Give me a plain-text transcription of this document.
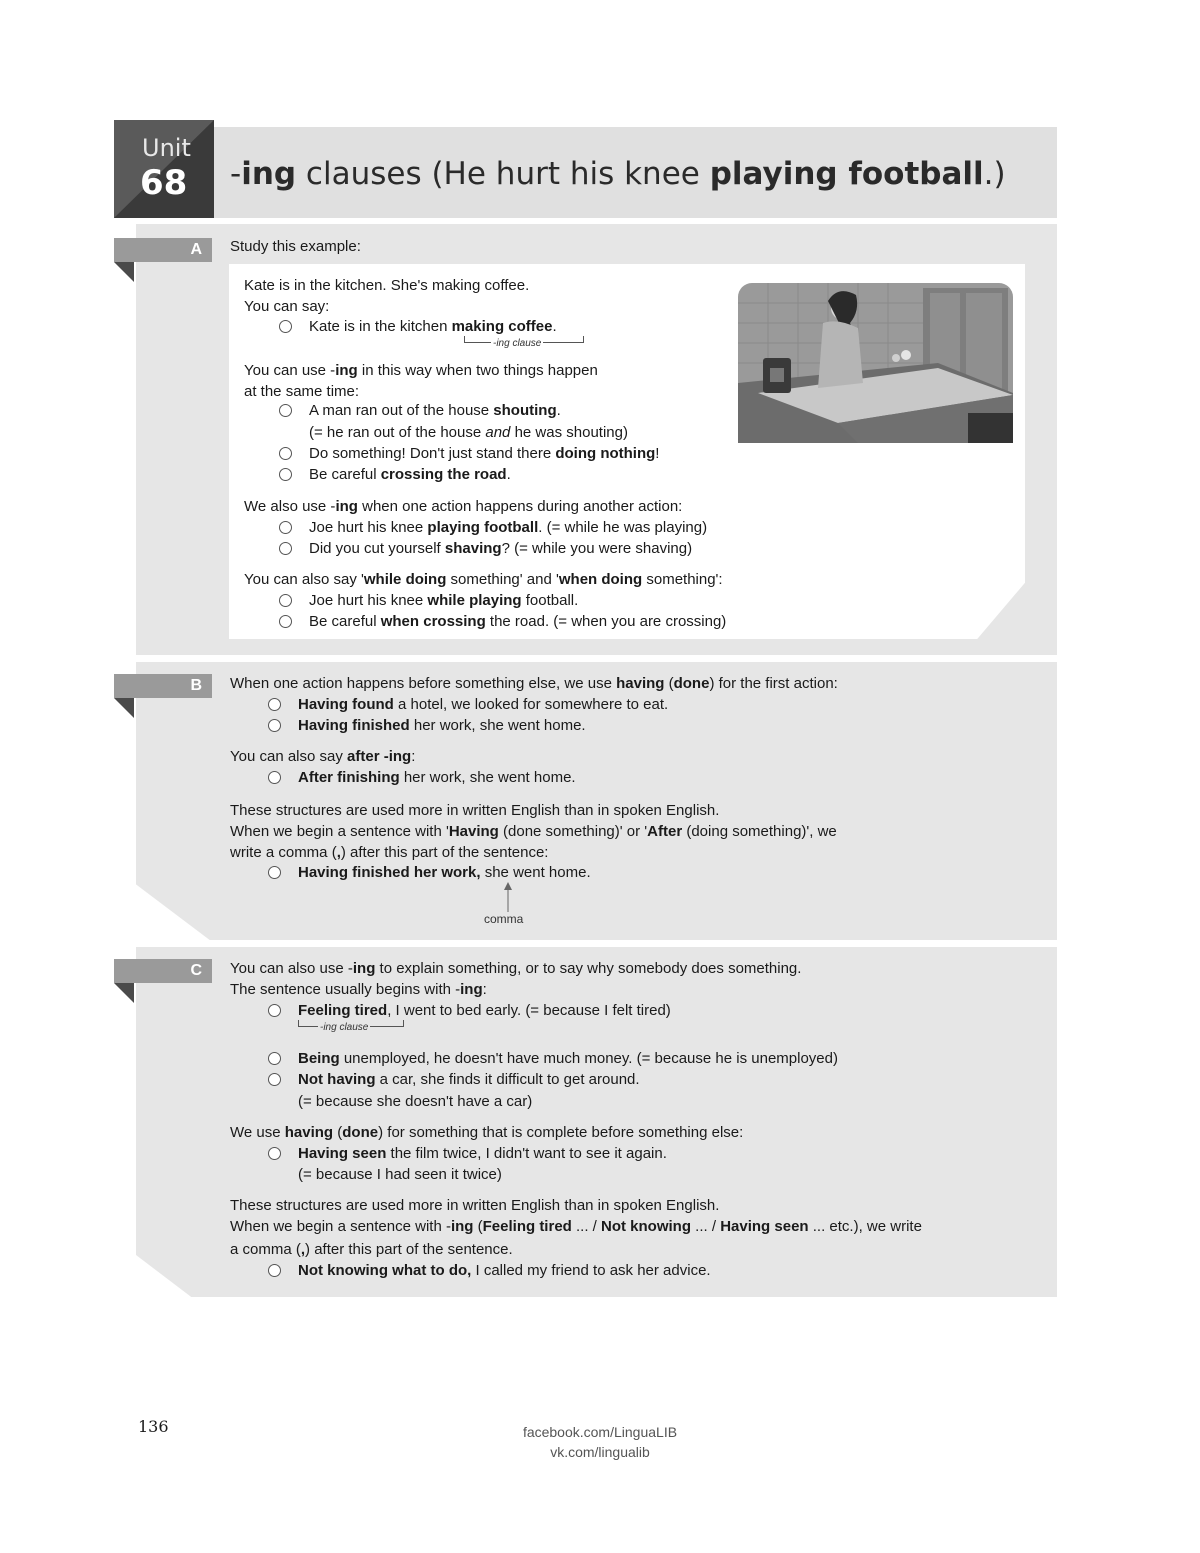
Unit
68 -ing clauses (He hurt his knee playing football.)
A	Study this example:
Kate is in the kitchen. She's making coffee.
You can say:
Kate is in the kitchen making coffee.
-ing clause
You can use -ing in this way when two things happen
at the same time:
A man ran out of the house shouting.
(= he ran out of the house and he was shouting)
Do something! Don't just stand there doing nothing!
Be careful crossing the road.
We also use -ing when one action happens during another action:
Joe hurt his knee playing football. (= while he was playing)
Did you cut yourself shaving? (= while you were shaving)
You can also say 'while doing something' and 'when doing something':
Joe hurt his knee while playing football.
Be careful when crossing the road. (= when you are crossing)
B	When one action happens before something else, we use having (done) for the first action:
Having found a hotel, we looked for somewhere to eat.
Having finished her work, she went home.
You can also say after -ing:
After finishing her work, she went home.
These structures are used more in written English than in spoken English.
When we begin a sentence with 'Having (done something)' or 'After (doing something)', we
write a comma (,) after this part of the sentence:
Having finished her work, she went home.
comma
C	You can also use -ing to explain something, or to say why somebody does something.
The sentence usually begins with -ing:
Feeling tired, I went to bed early. (= because I felt tired)
-ing clause
Being unemployed, he doesn't have much money. (= because he is unemployed)
Not having a car, she finds it difficult to get around.
(= because she doesn't have a car)
We use having (done) for something that is complete before something else:
Having seen the film twice, I didn't want to see it again.
(= because I had seen it twice)
These structures are used more in written English than in spoken English.
When we begin a sentence with -ing (Feeling tired ... / Not knowing ... / Having seen ... etc.), we write
a comma (,) after this part of the sentence.
Not knowing what to do, I called my friend to ask her advice.
136	facebook.com/LinguaLIB
vk.com/lingualib
